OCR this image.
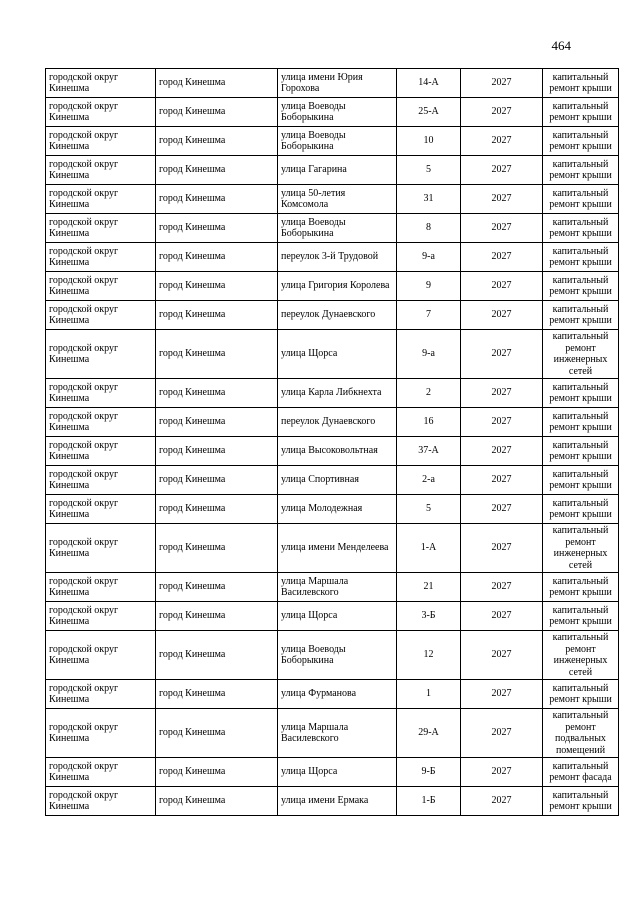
464
городской округ Кинешма	город Кинешма	улица имени Юрия Горохова	14-А	2027	капитальный ремонт крыши
городской округ Кинешма	город Кинешма	улица Воеводы Боборыкина	25-А	2027	капитальный ремонт крыши
городской округ Кинешма	город Кинешма	улица Воеводы Боборыкина	10	2027	капитальный ремонт крыши
городской округ Кинешма	город Кинешма	улица Гагарина	5	2027	капитальный ремонт крыши
городской округ Кинешма	город Кинешма	улица 50-летия Комсомола	31	2027	капитальный ремонт крыши
городской округ Кинешма	город Кинешма	улица Воеводы Боборыкина	8	2027	капитальный ремонт крыши
городской округ Кинешма	город Кинешма	переулок 3-й Трудовой	9-а	2027	капитальный ремонт крыши
городской округ Кинешма	город Кинешма	улица Григория Королева	9	2027	капитальный ремонт крыши
городской округ Кинешма	город Кинешма	переулок Дунаевского	7	2027	капитальный ремонт крыши
городской округ Кинешма	город Кинешма	улица Щорса	9-а	2027	капитальный ремонт инженерных сетей
городской округ Кинешма	город Кинешма	улица Карла Либкнехта	2	2027	капитальный ремонт крыши
городской округ Кинешма	город Кинешма	переулок Дунаевского	16	2027	капитальный ремонт крыши
городской округ Кинешма	город Кинешма	улица Высоковольтная	37-А	2027	капитальный ремонт крыши
городской округ Кинешма	город Кинешма	улица Спортивная	2-а	2027	капитальный ремонт крыши
городской округ Кинешма	город Кинешма	улица Молодежная	5	2027	капитальный ремонт крыши
городской округ Кинешма	город Кинешма	улица имени Менделеева	1-А	2027	капитальный ремонт инженерных сетей
городской округ Кинешма	город Кинешма	улица Маршала Василевского	21	2027	капитальный ремонт крыши
городской округ Кинешма	город Кинешма	улица Щорса	3-Б	2027	капитальный ремонт крыши
городской округ Кинешма	город Кинешма	улица Воеводы Боборыкина	12	2027	капитальный ремонт инженерных сетей
городской округ Кинешма	город Кинешма	улица Фурманова	1	2027	капитальный ремонт крыши
городской округ Кинешма	город Кинешма	улица Маршала Василевского	29-А	2027	капитальный ремонт подвальных помещений
городской округ Кинешма	город Кинешма	улица Щорса	9-Б	2027	капитальный ремонт фасада
городской округ Кинешма	город Кинешма	улица имени Ермака	1-Б	2027	капитальный ремонт крыши
